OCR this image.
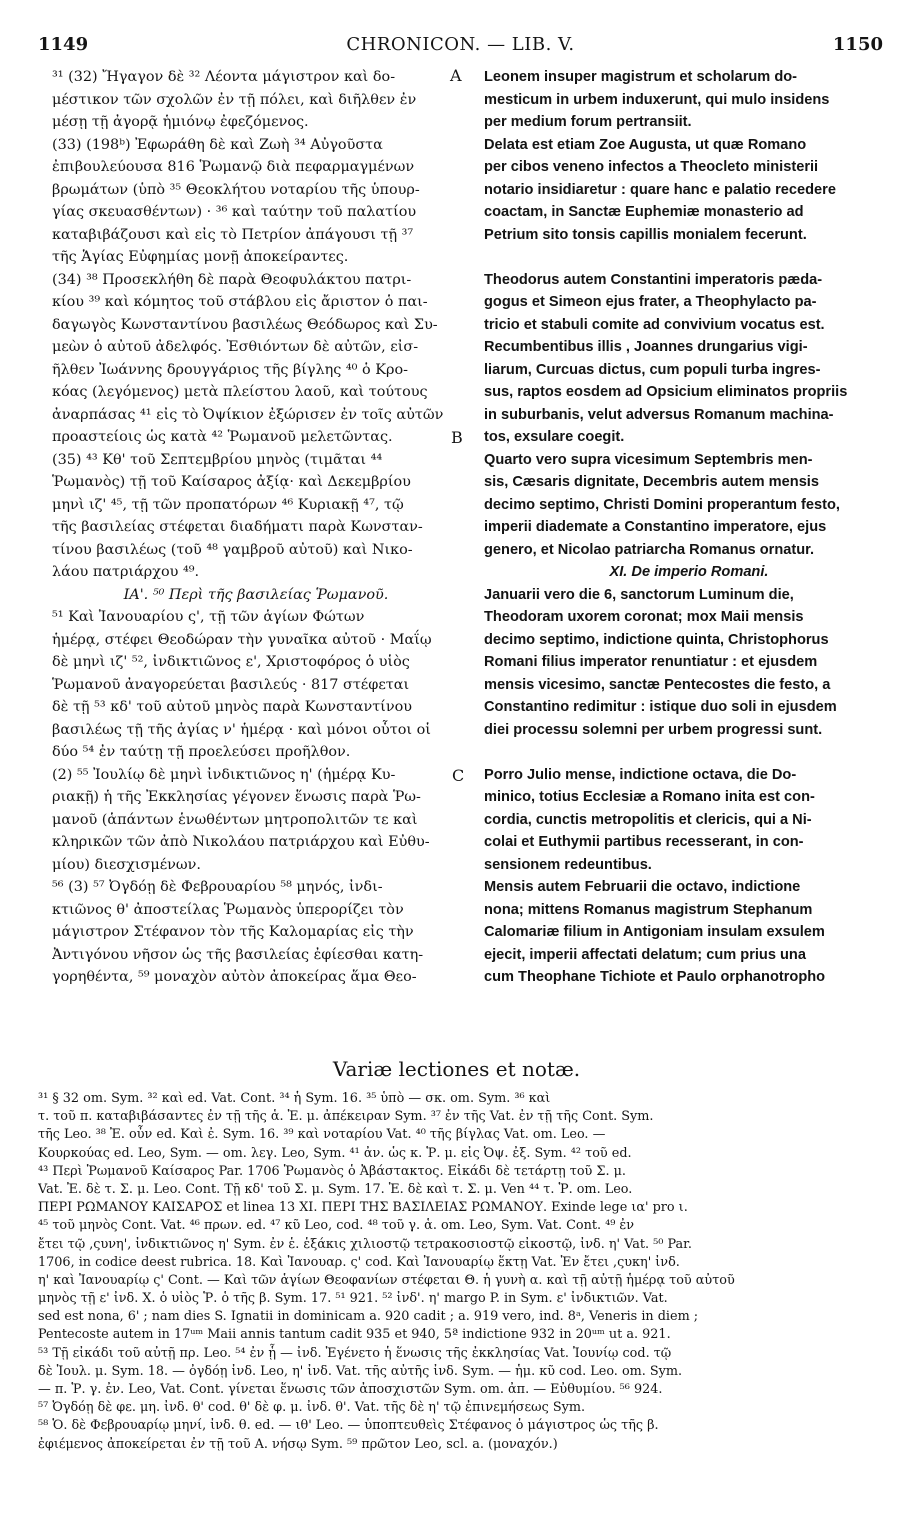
1149	CHRONICON. — LIB. V.	1150
³¹ (32) Ἤγαγον δὲ ³² Λέοντα μάγιστρον καὶ δο-
μέστικον τῶν σχολῶν ἐν τῇ πόλει, καὶ διῆλθεν ἐν
μέσῃ τῇ ἀγορᾷ ἡμιόνῳ ἐφεζόμενος.
(33) (198ᵇ) Ἐφωράθη δὲ καὶ Ζωὴ ³⁴ Αὐγοῦστα
ἐπιβουλεύουσα 816 Ῥωμανῷ διὰ πεφαρμαγμένων
βρωμάτων (ὑπὸ ³⁵ Θεοκλήτου νοταρίου τῆς ὑπουρ-
γίας σκευασθέντων) · ³⁶ καὶ ταύτην τοῦ παλατίου
καταβιβάζουσι καὶ εἰς τὸ Πετρίον ἀπάγουσι τῇ ³⁷
τῆς Ἁγίας Εὐφημίας μονῇ ἀποκείραντες.
(34) ³⁸ Προσεκλήθη δὲ παρὰ Θεοφυλάκτου πατρι-
κίου ³⁹ καὶ κόμητος τοῦ στάβλου εἰς ἄριστον ὁ παι-
δαγωγὸς Κωνσταντίνου βασιλέως Θεόδωρος καὶ Συ-
μεὼν ὁ αὐτοῦ ἀδελφός. Ἐσθιόντων δὲ αὐτῶν, εἰσ-
ῆλθεν Ἰωάννης δρουγγάριος τῆς βίγλης ⁴⁰ ὁ Κρο-
κόας (λεγόμενος) μετὰ πλείστου λαοῦ, καὶ τούτους
ἀναρπάσας ⁴¹ εἰς τὸ Ὀψίκιον ἐξώρισεν ἐν τοῖς αὐτῶν
προαστείοις ὡς κατὰ ⁴² Ῥωμανοῦ μελετῶντας.
(35) ⁴³ Κθ' τοῦ Σεπτεμβρίου μηνὸς (τιμᾶται ⁴⁴
Ῥωμανὸς) τῇ τοῦ Καίσαρος ἀξίᾳ· καὶ Δεκεμβρίου
μηνὶ ιζ' ⁴⁵, τῇ τῶν προπατόρων ⁴⁶ Κυριακῇ ⁴⁷, τῷ
τῆς βασιλείας στέφεται διαδήματι παρὰ Κωνσταν-
τίνου βασιλέως (τοῦ ⁴⁸ γαμβροῦ αὐτοῦ) καὶ Νικο-
λάου πατριάρχου ⁴⁹.
ΙΑ'. ⁵⁰ Περὶ τῆς βασιλείας Ῥωμανοῦ.
⁵¹ Καὶ Ἰανουαρίου ς', τῇ τῶν ἁγίων Φώτων
ἡμέρᾳ, στέφει Θεοδώραν τὴν γυναῖκα αὐτοῦ · Μαΐῳ
δὲ μηνὶ ιζ' ⁵², ἰνδικτιῶνος ε', Χριστοφόρος ὁ υἱὸς
Ῥωμανοῦ ἀναγορεύεται βασιλεύς · 817 στέφεται
δὲ τῇ ⁵³ κδ' τοῦ αὐτοῦ μηνὸς παρὰ Κωνσταντίνου
βασιλέως τῇ τῆς ἁγίας ν' ἡμέρᾳ · καὶ μόνοι οὗτοι οἱ
δύο ⁵⁴ ἐν ταύτῃ τῇ προελεύσει προῆλθον.
(2) ⁵⁵ Ἰουλίῳ δὲ μηνὶ ἰνδικτιῶνος η' (ἡμέρᾳ Κυ-
ριακῇ) ἡ τῆς Ἐκκλησίας γέγονεν ἕνωσις παρὰ Ῥω-
μανοῦ (ἁπάντων ἑνωθέντων μητροπολιτῶν τε καὶ
κληρικῶν τῶν ἀπὸ Νικολάου πατριάρχου καὶ Εὐθυ-
μίου) διεσχισμένων.
⁵⁶ (3) ⁵⁷ Ὀγδόῃ δὲ Φεβρουαρίου ⁵⁸ μηνός, ἰνδι-
κτιῶνος θ' ἀποστείλας Ῥωμανὸς ὑπερορίζει τὸν
μάγιστρον Στέφανον τὸν τῆς Καλομαρίας εἰς τὴν
Ἀντιγόνου νῆσον ὡς τῆς βασιλείας ἐφίεσθαι κατη-
γορηθέντα, ⁵⁹ μοναχὸν αὐτὸν ἀποκείρας ἅμα Θεο-
Leonem insuper magistrum et scholarum do-
mesticum in urbem induxerunt, qui mulo insidens
per medium forum pertransiit.
Delata est etiam Zoe Augusta, ut quæ Romano
per cibos veneno infectos a Theocleto ministerii
notario insidiaretur : quare hanc e palatio recedere
coactam, in Sanctæ Euphemiæ monasterio ad
Petrium sito tonsis capillis monialem fecerunt.
Theodorus autem Constantini imperatoris pæda-
gogus et Simeon ejus frater, a Theophylacto pa-
tricio et stabuli comite ad convivium vocatus est.
Recumbentibus illis , Joannes drungarius vigi-
liarum, Curcuas dictus, cum populi turba ingres-
sus, raptos eosdem ad Opsicium eliminatos propriis
in suburbanis, velut adversus Romanum machina-
tos, exsulare coegit.
Quarto vero supra vicesimum Septembris men-
sis, Cæsaris dignitate, Decembris autem mensis
decimo septimo, Christi Domini properantum festo,
imperii diademate a Constantino imperatore, ejus
genero, et Nicolao patriarcha Romanus ornatur.
XI. De imperio Romani.
Januarii vero die 6, sanctorum Luminum die,
Theodoram uxorem coronat; mox Maii mensis
decimo septimo, indictione quinta, Christophorus
Romani filius imperator renuntiatur : et ejusdem
mensis vicesimo, sanctæ Pentecostes die festo, a
Constantino redimitur : istique duo soli in ejusdem
diei processu solemni per urbem progressi sunt.
Porro Julio mense, indictione octava, die Do-
minico, totius Ecclesiæ a Romano inita est con-
cordia, cunctis metropolitis et clericis, qui a Ni-
colai et Euthymii partibus recesserant, in con-
sensionem redeuntibus.
Mensis autem Februarii die octavo, indictione
nona; mittens Romanus magistrum Stephanum
Calomariæ filium in Antigoniam insulam exsulem
ejecit, imperii affectati delatum; cum prius una
cum Theophane Tichiote et Paulo orphanotropho
A
B
C
Variæ lectiones et notæ.
³¹ § 32 om. Sym. ³² καὶ ed. Vat. Cont. ³⁴ ἡ Sym. 16. ³⁵ ὑπὸ — σκ. om. Sym. ³⁶ καὶ
τ. τοῦ π. καταβιβάσαντες ἐν τῇ τῆς ἁ. Ἐ. μ. ἀπέκειραν Sym. ³⁷ ἐν τῆς Vat. ἐν τῇ τῆς Cont. Sym.
τῆς Leo. ³⁸ Ἐ. οὖν ed. Καὶ ἐ. Sym. 16. ³⁹ καὶ νοταρίου Vat. ⁴⁰ τῆς βίγλας Vat. om. Leo. —
Κουρκούας ed. Leo, Sym. — om. λεγ. Leo, Sym. ⁴¹ ἀν. ὡς κ. Ῥ. μ. εἰς Ὀψ. ἐξ. Sym. ⁴² τοῦ ed.
⁴³ Περὶ Ῥωμανοῦ Καίσαρος Par. 1706 Ῥωμανὸς ὁ Ἀβάστακτος. Εἰκάδι δὲ τετάρτῃ τοῦ Σ. μ.
Vat. Ἐ. δὲ τ. Σ. μ. Leo. Cont. Τῇ κδ' τοῦ Σ. μ. Sym. 17. Ἐ. δὲ καὶ τ. Σ. μ. Ven ⁴⁴ τ. Ῥ. om. Leo.
ΠΕΡΙ ΡΩΜΑΝΟΥ ΚΑΙΣΑΡΟΣ et linea 13 ΧΙ. ΠΕΡΙ ΤΗΣ ΒΑΣΙΛΕΙΑΣ ΡΩΜΑΝΟΥ. Exinde lege ια' pro ι.
⁴⁵ τοῦ μηνὸς Cont. Vat. ⁴⁶ πρων. ed. ⁴⁷ κῦ Leo, cod. ⁴⁸ τοῦ γ. ἁ. om. Leo, Sym. Vat. Cont. ⁴⁹ ἐν
ἔτει τῷ ,ςυνη', ἰνδικτιῶνος η' Sym. ἐν ἑ. ἑξάκις χιλιοστῷ τετρακοσιοστῷ εἰκοστῷ, ἰνδ. η' Vat. ⁵⁰ Par.
1706, in codice deest rubrica. 18. Καὶ Ἰανουαρ. ς' cod. Καὶ Ἰανουαρίῳ ἕκτῃ Vat. Ἐν ἔτει ,ςυκη' ἰνδ.
η' καὶ Ἰανουαρίῳ ς' Cont. — Καὶ τῶν ἁγίων Θεοφανίων στέφεται Θ. ἡ γυνὴ α. καὶ τῇ αὐτῇ ἡμέρᾳ τοῦ αὐτοῦ
μηνὸς τῇ ε' ἰνδ. Χ. ὁ υἱὸς Ῥ. ὁ τῆς β. Sym. 17. ⁵¹ 921. ⁵² ἰνδ'. η' margo P. in Sym. ε' ἰνδικτιῶν. Vat.
sed est nona, 6' ; nam dies S. Ignatii in dominicam a. 920 cadit ; a. 919 vero, ind. 8ᵃ, Veneris in diem ;
Pentecoste autem in 17ᵘᵐ Maii annis tantum cadit 935 et 940, 5ª indictione 932 in 20ᵘᵐ ut a. 921.
⁵³ Τῇ εἰκάδι τοῦ αὐτῇ πρ. Leo. ⁵⁴ ἐν ᾗ — ἰνδ. Ἐγένετο ἡ ἕνωσις τῆς ἐκκλησίας Vat. Ἰουνίῳ cod. τῷ
δὲ Ἰουλ. μ. Sym. 18. — ὀγδόῃ ἰνδ. Leo, η' ἰνδ. Vat. τῆς αὐτῆς ἰνδ. Sym. — ἡμ. κῦ cod. Leo. om. Sym.
— π. Ῥ. γ. ἐν. Leo, Vat. Cont. γίνεται ἕνωσις τῶν ἀποσχιστῶν Sym. om. ἀπ. — Εὐθυμίου. ⁵⁶ 924.
⁵⁷ Ὀγδόῃ δὲ φε. μη. ἰνδ. θ' cod. θ' δὲ φ. μ. ἰνδ. θ'. Vat. τῆς δὲ η' τῷ ἐπινεμήσεως Sym.
⁵⁸ Ὁ. δὲ Φεβρουαρίῳ μηνί, ἰνδ. θ. ed. — ιθ' Leo. — ὑποπτευθεὶς Στέφανος ὁ μάγιστρος ὡς τῆς β.
ἐφιέμενος ἀποκείρεται ἐν τῇ τοῦ Α. νήσῳ Sym. ⁵⁹ πρῶτον Leo, scl. a. (μοναχόν.)
